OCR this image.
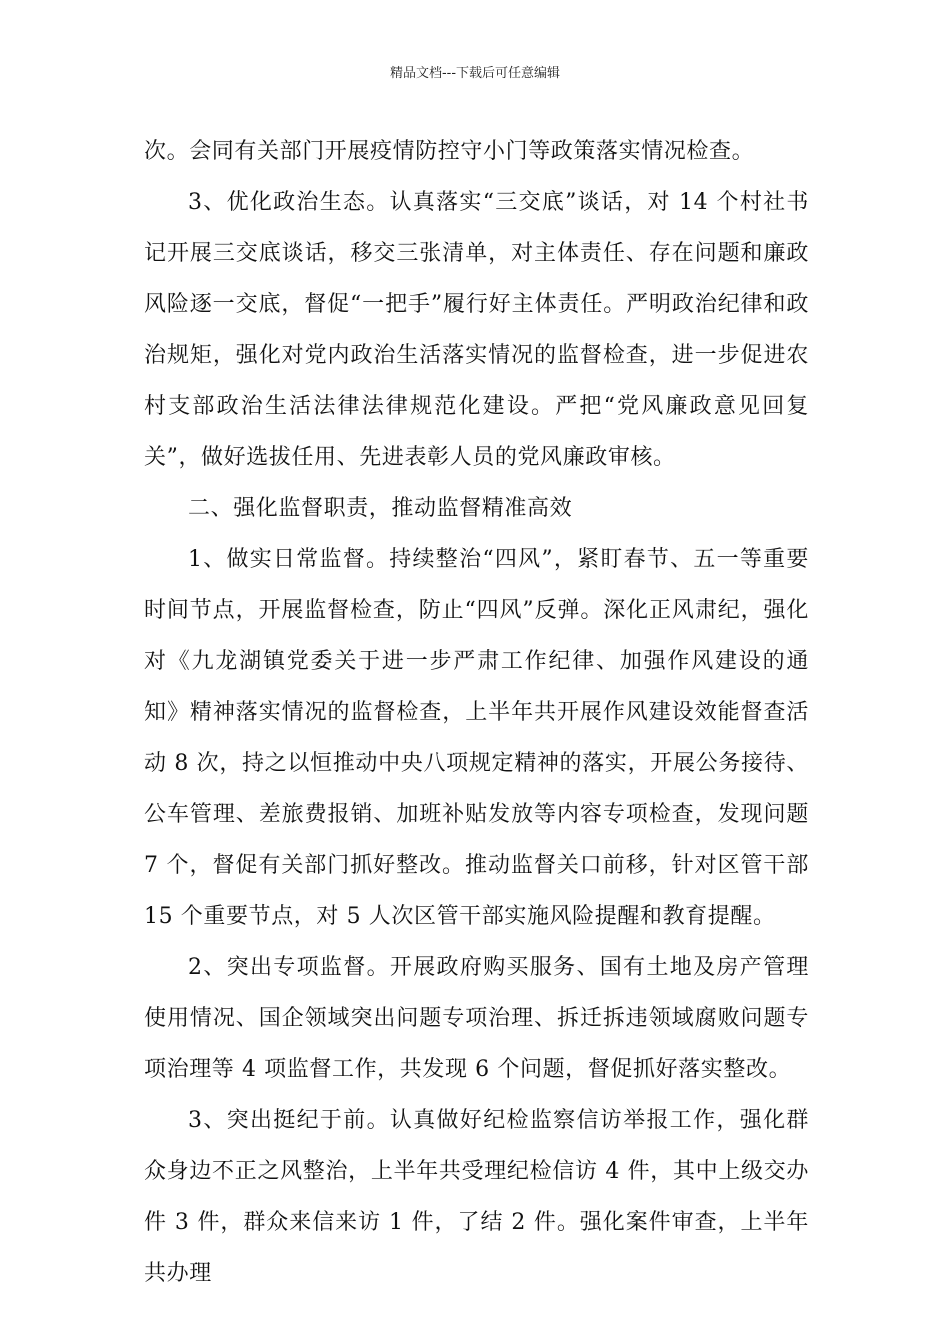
精品文档---下载后可任意编辑

次。会同有关部门开展疫情防控守小门等政策落实情况检查。

3、优化政治生态。认真落实“三交底”谈话，对 14 个村社书记开展三交底谈话，移交三张清单，对主体责任、存在问题和廉政风险逐一交底，督促“一把手”履行好主体责任。严明政治纪律和政治规矩，强化对党内政治生活落实情况的监督检查，进一步促进农村支部政治生活法律法律规范化建设。严把“党风廉政意见回复关”，做好选拔任用、先进表彰人员的党风廉政审核。

二、强化监督职责，推动监督精准高效

1、做实日常监督。持续整治“四风”，紧盯春节、五一等重要时间节点，开展监督检查，防止“四风”反弹。深化正风肃纪，强化对《九龙湖镇党委关于进一步严肃工作纪律、加强作风建设的通知》精神落实情况的监督检查，上半年共开展作风建设效能督查活动 8 次，持之以恒推动中央八项规定精神的落实，开展公务接待、公车管理、差旅费报销、加班补贴发放等内容专项检查，发现问题 7 个，督促有关部门抓好整改。推动监督关口前移，针对区管干部 15 个重要节点，对 5 人次区管干部实施风险提醒和教育提醒。

2、突出专项监督。开展政府购买服务、国有土地及房产管理使用情况、国企领域突出问题专项治理、拆迁拆违领域腐败问题专项治理等 4 项监督工作，共发现 6 个问题，督促抓好落实整改。

3、突出挺纪于前。认真做好纪检监察信访举报工作，强化群众身边不正之风整治，上半年共受理纪检信访 4 件，其中上级交办件 3 件，群众来信来访 1 件，了结 2 件。强化案件审查，上半年共办理
